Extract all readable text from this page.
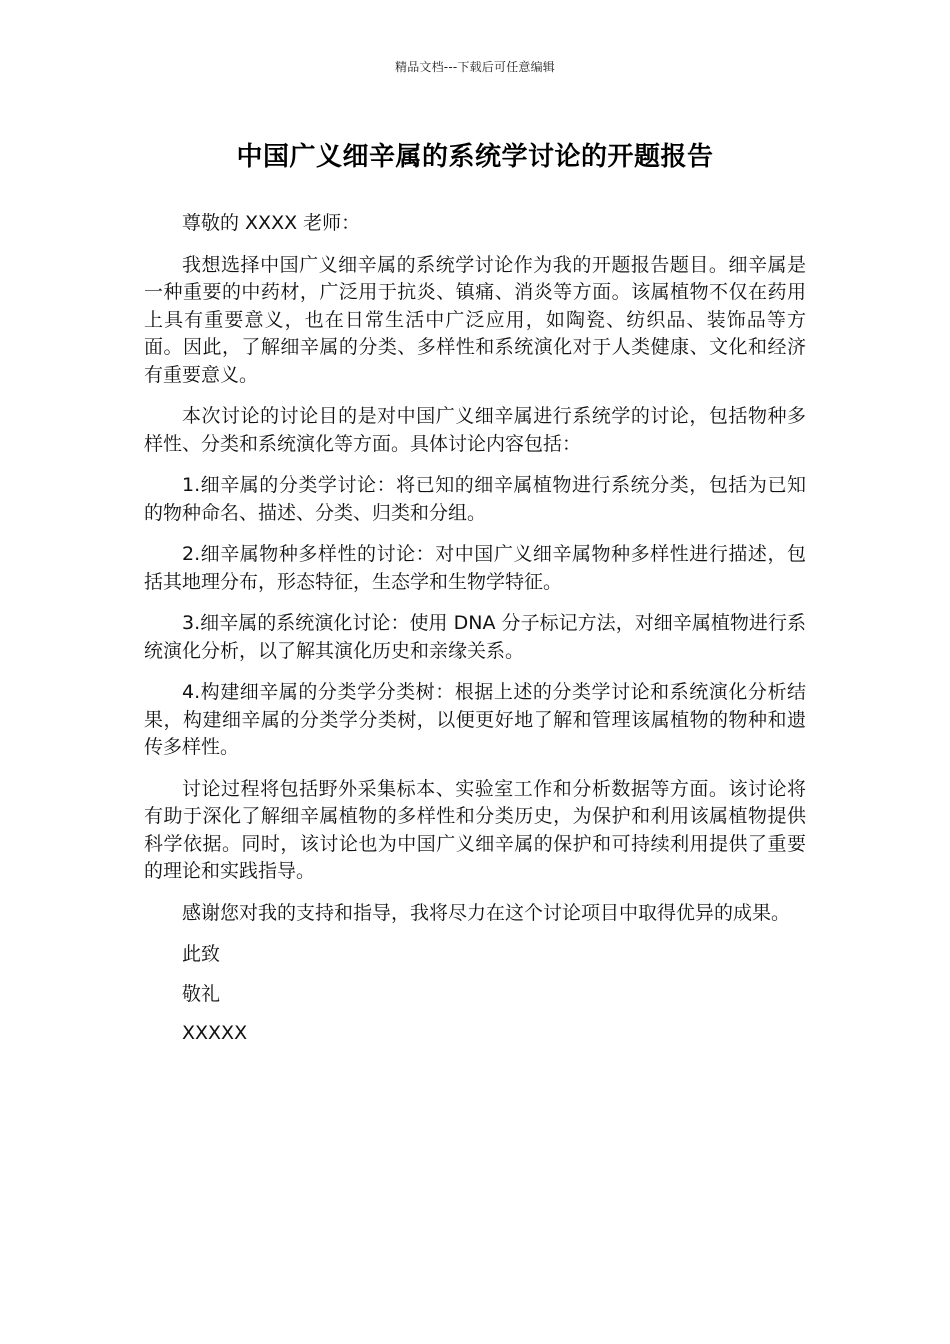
精品文档---下载后可任意编辑
中国广义细辛属的系统学讨论的开题报告

尊敬的 XXXX 老师：

我想选择中国广义细辛属的系统学讨论作为我的开题报告题目。细辛属是一种重要的中药材，广泛用于抗炎、镇痛、消炎等方面。该属植物不仅在药用上具有重要意义，也在日常生活中广泛应用，如陶瓷、纺织品、装饰品等方面。因此，了解细辛属的分类、多样性和系统演化对于人类健康、文化和经济有重要意义。

本次讨论的讨论目的是对中国广义细辛属进行系统学的讨论，包括物种多样性、分类和系统演化等方面。具体讨论内容包括：

1.细辛属的分类学讨论：将已知的细辛属植物进行系统分类，包括为已知的物种命名、描述、分类、归类和分组。

2.细辛属物种多样性的讨论：对中国广义细辛属物种多样性进行描述，包括其地理分布，形态特征，生态学和生物学特征。

3.细辛属的系统演化讨论：使用 DNA 分子标记方法，对细辛属植物进行系统演化分析，以了解其演化历史和亲缘关系。

4.构建细辛属的分类学分类树：根据上述的分类学讨论和系统演化分析结果，构建细辛属的分类学分类树，以便更好地了解和管理该属植物的物种和遗传多样性。

讨论过程将包括野外采集标本、实验室工作和分析数据等方面。该讨论将有助于深化了解细辛属植物的多样性和分类历史，为保护和利用该属植物提供科学依据。同时，该讨论也为中国广义细辛属的保护和可持续利用提供了重要的理论和实践指导。

感谢您对我的支持和指导，我将尽力在这个讨论项目中取得优异的成果。

此致

敬礼

XXXXX
